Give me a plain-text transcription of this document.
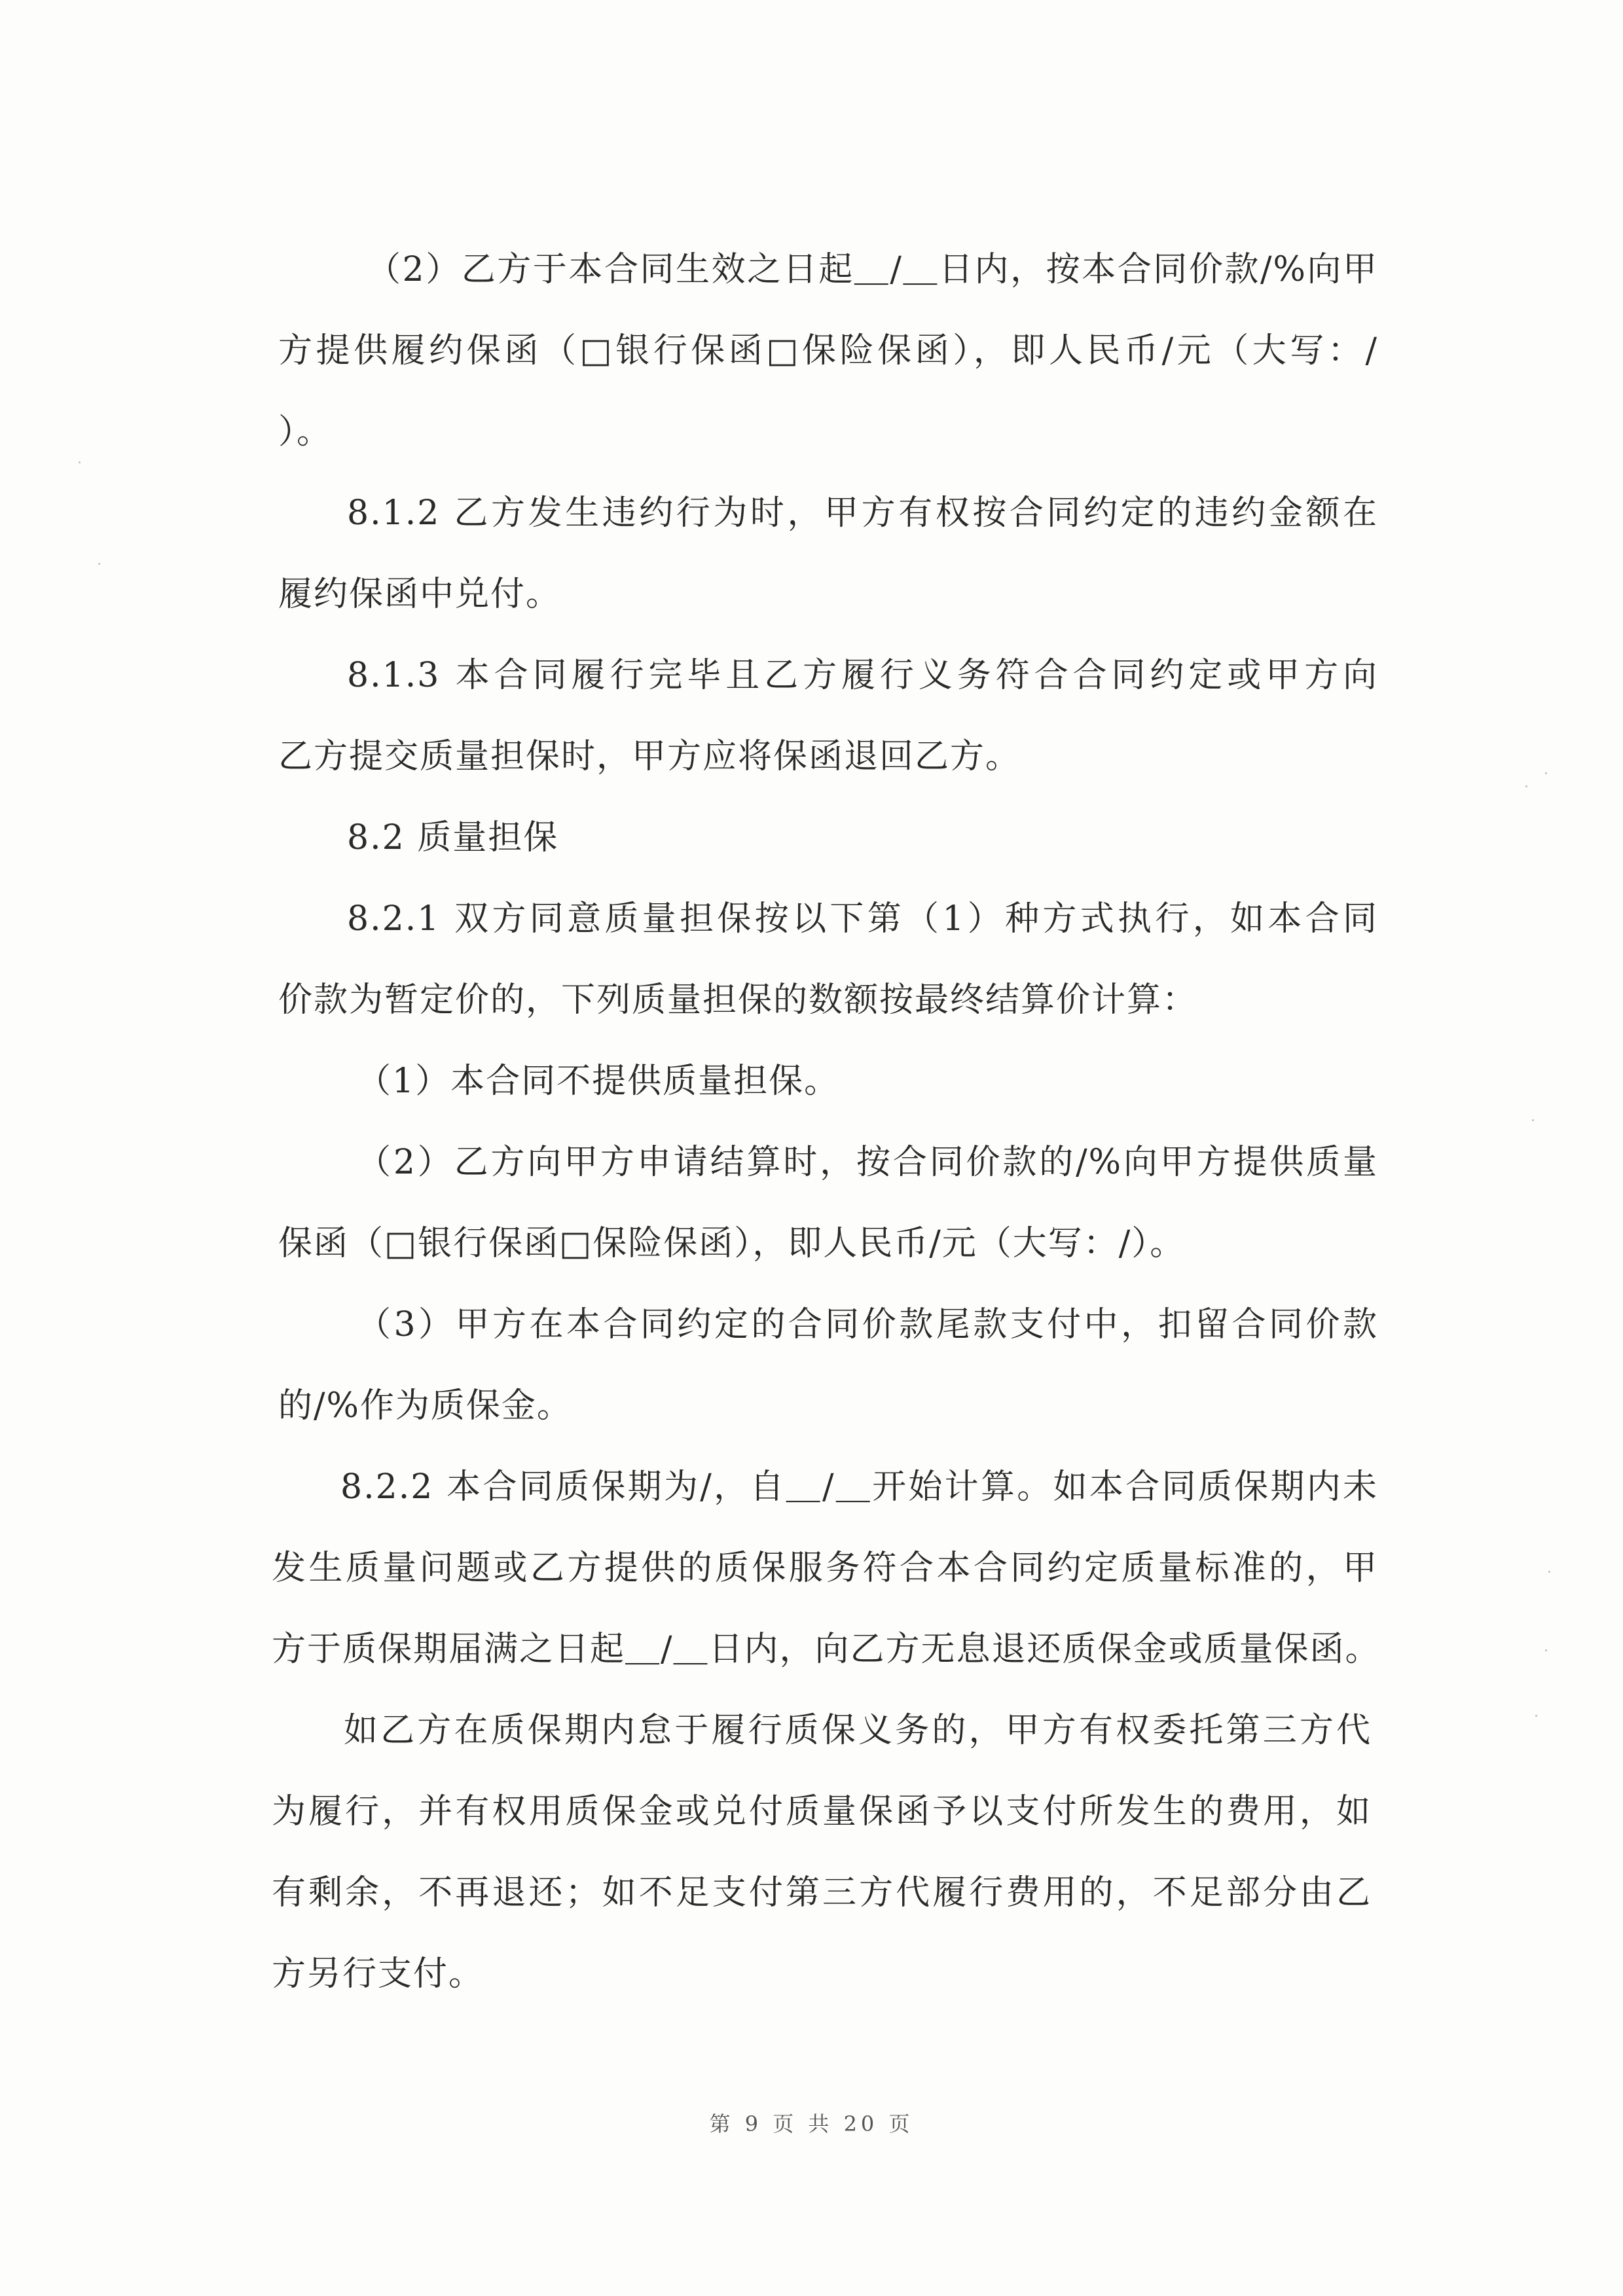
（2）乙方于本合同生效之日起＿/＿日内，按本合同价款/%向甲
方提供履约保函（□银行保函□保险保函），即人民币/元（大写：/
）。
8.1.2 乙方发生违约行为时，甲方有权按合同约定的违约金额在
履约保函中兑付。
8.1.3 本合同履行完毕且乙方履行义务符合合同约定或甲方向
乙方提交质量担保时，甲方应将保函退回乙方。
8.2 质量担保
8.2.1 双方同意质量担保按以下第（1）种方式执行，如本合同
价款为暂定价的，下列质量担保的数额按最终结算价计算：
（1）本合同不提供质量担保。
（2）乙方向甲方申请结算时，按合同价款的/%向甲方提供质量
保函（□银行保函□保险保函），即人民币/元（大写：/）。
（3）甲方在本合同约定的合同价款尾款支付中，扣留合同价款
的/%作为质保金。
8.2.2 本合同质保期为/，自＿/＿开始计算。如本合同质保期内未
发生质量问题或乙方提供的质保服务符合本合同约定质量标准的，甲
方于质保期届满之日起＿/＿日内，向乙方无息退还质保金或质量保函。
如乙方在质保期内怠于履行质保义务的，甲方有权委托第三方代
为履行，并有权用质保金或兑付质量保函予以支付所发生的费用，如
有剩余，不再退还；如不足支付第三方代履行费用的，不足部分由乙
方另行支付。
第 9 页 共 20 页
